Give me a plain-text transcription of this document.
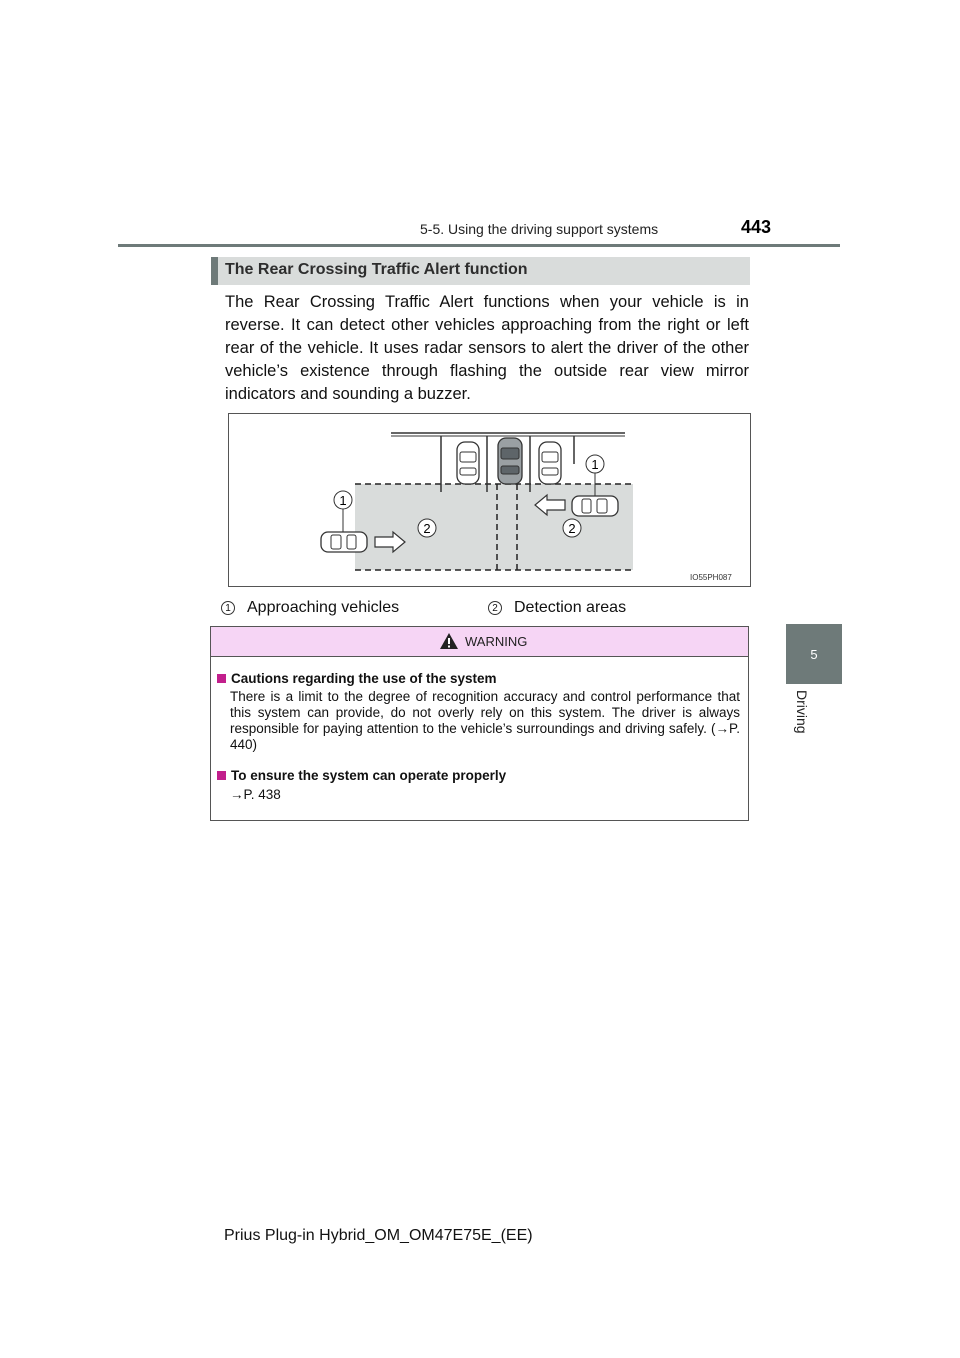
5-5. Using the driving support systems	443
5
Driving
The Rear Crossing Traffic Alert function
The Rear Crossing Traffic Alert functions when your vehicle is in reverse. It can detect other vehicles approaching from the right or left rear of the vehicle. It uses radar sensors to alert the driver of the other vehicle’s existence through flashing the outside rear view mirror indicators and sounding a buzzer.
1
1
2	2
IO55PH087
1 Approaching vehicles	2 Detection areas
WARNING
Cautions regarding the use of the system
There is a limit to the degree of recognition accuracy and control performance that this system can provide, do not overly rely on this system. The driver is always responsible for paying attention to the vehicle’s surroundings and driving safely. (→P. 440)
To ensure the system can operate properly
→P. 438
Prius Plug-in Hybrid_OM_OM47E75E_(EE)
